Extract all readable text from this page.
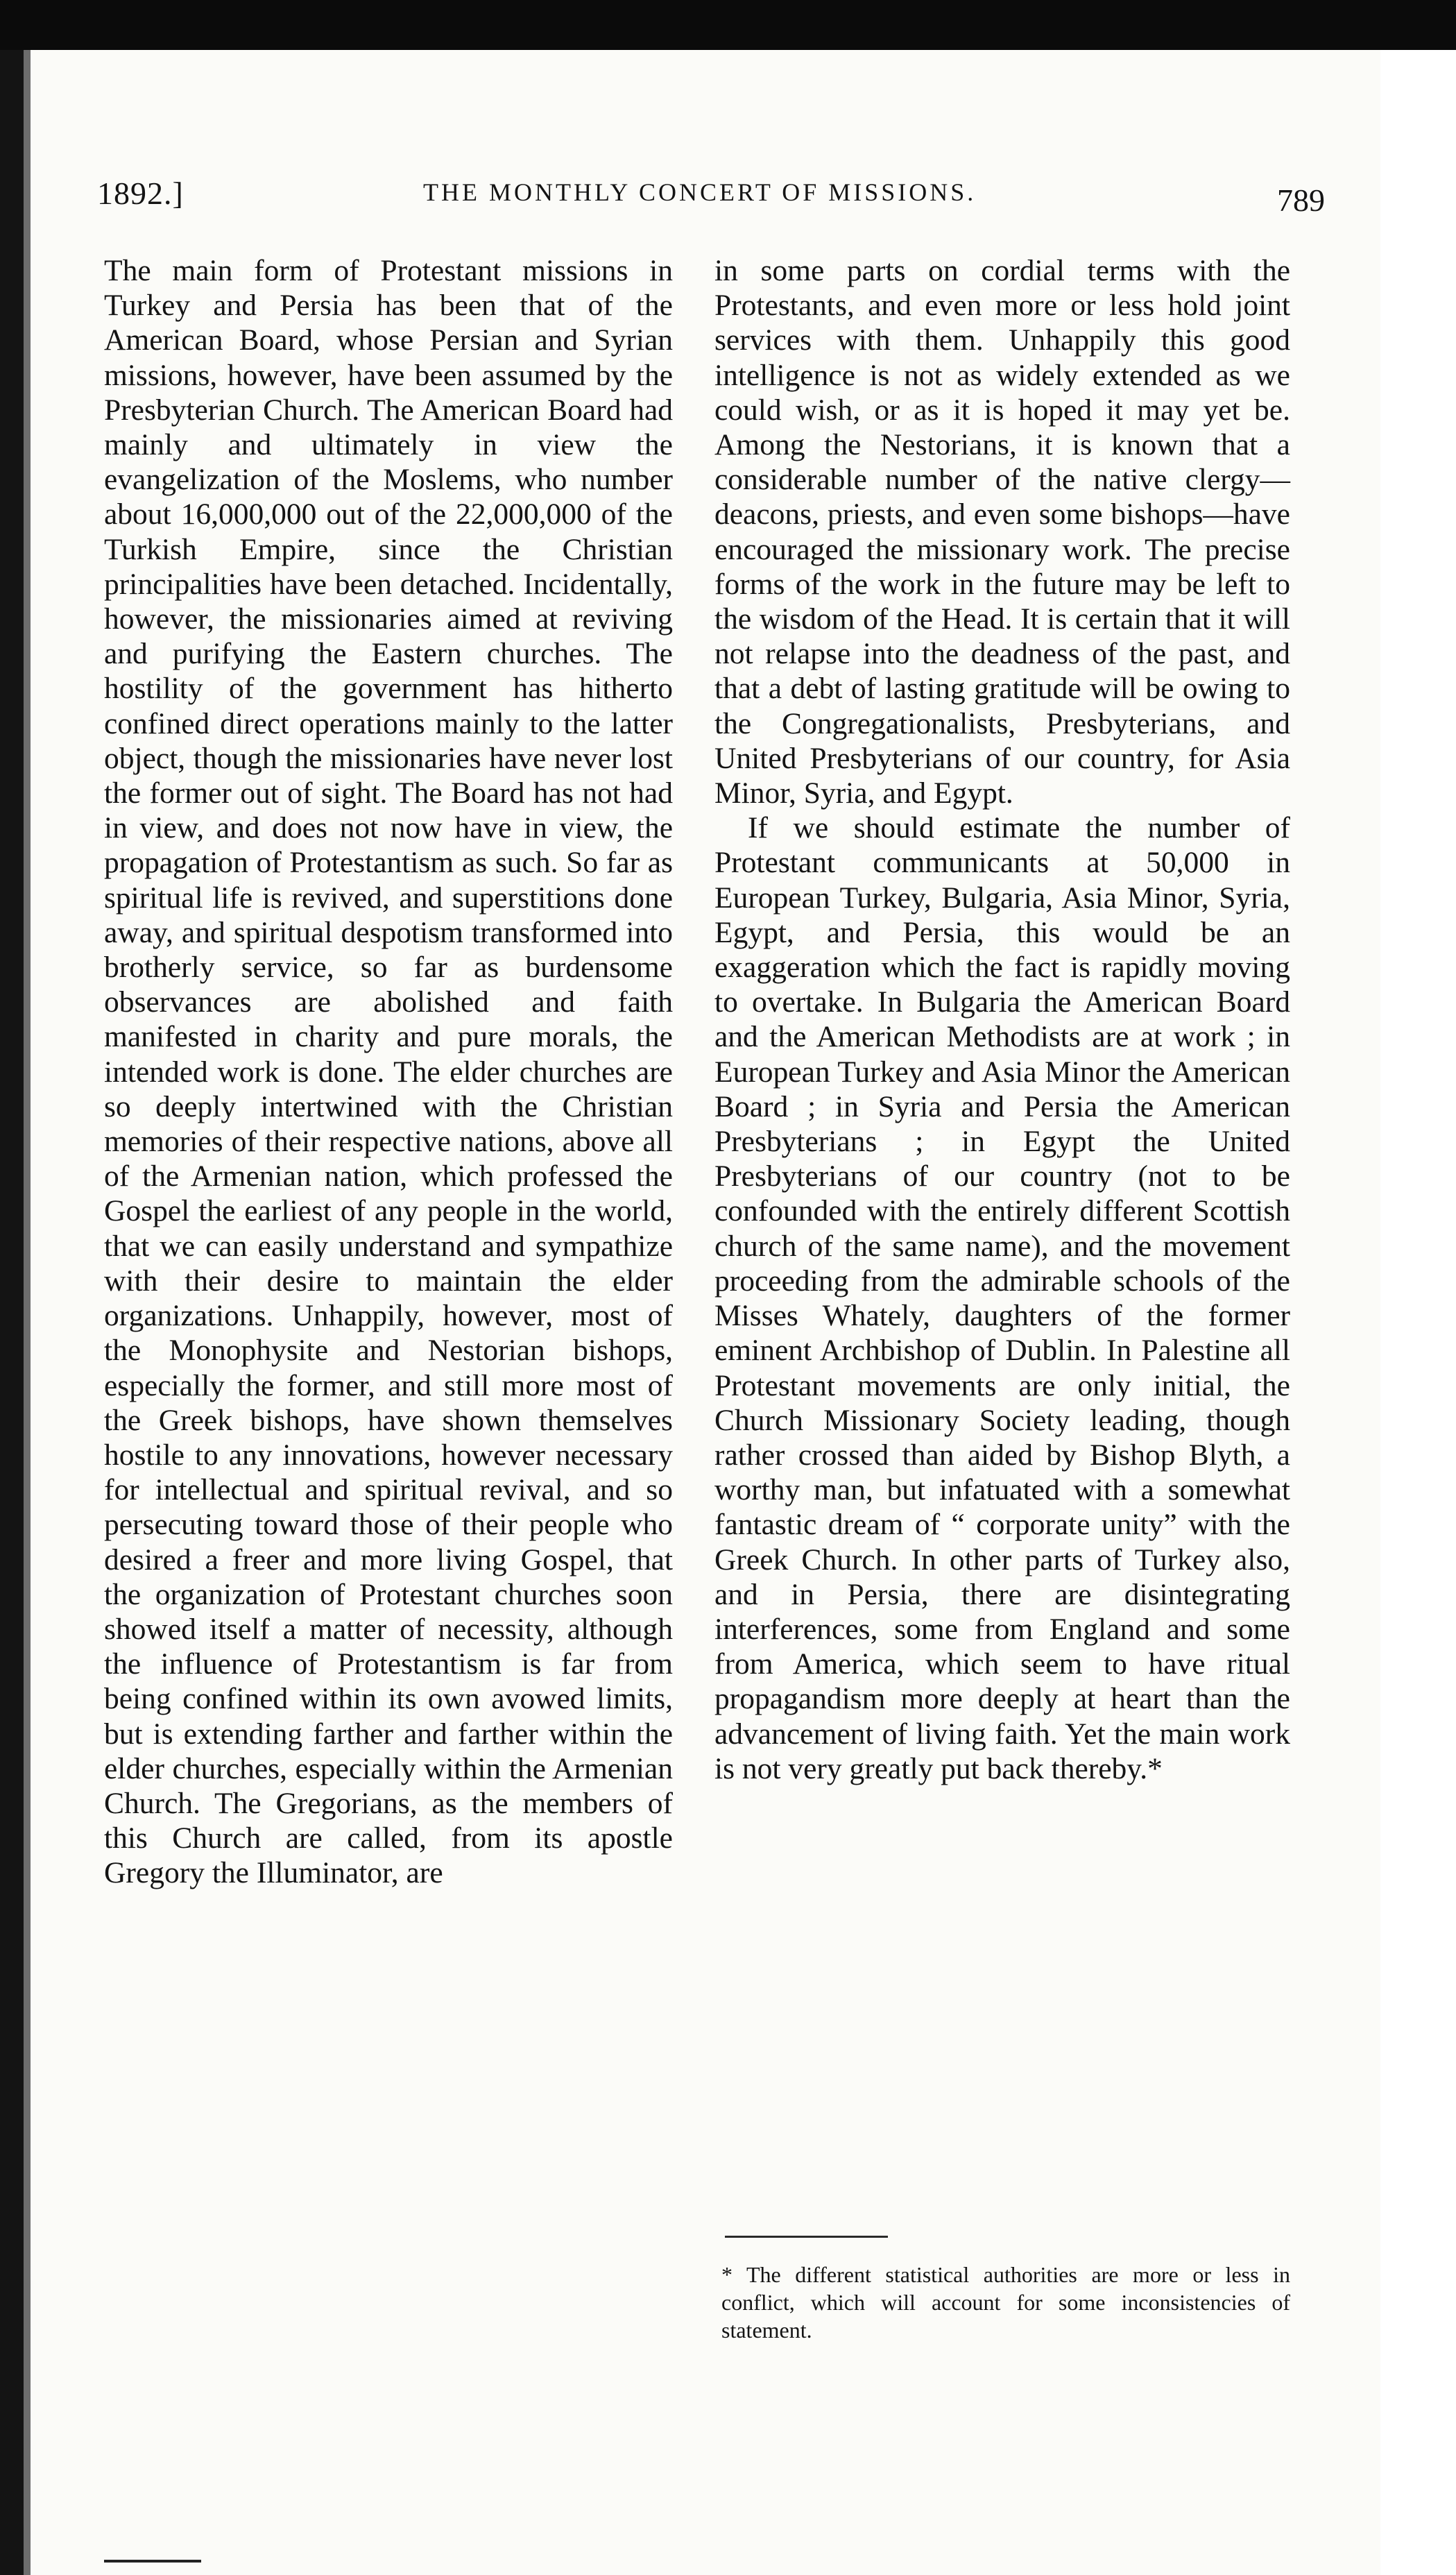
1892.]	THE MONTHLY CONCERT OF MISSIONS.	789

The main form of Protestant missions in Turkey and Persia has been that of the American Board, whose Persian and Syrian missions, however, have been assumed by the Presbyterian Church. The American Board had mainly and ultimately in view the evangelization of the Moslems, who number about 16,000,000 out of the 22,000,000 of the Turkish Empire, since the Christian principalities have been detached. Incidentally, however, the missionaries aimed at reviving and purifying the Eastern churches. The hostility of the government has hitherto confined direct operations mainly to the latter object, though the missionaries have never lost the former out of sight. The Board has not had in view, and does not now have in view, the propagation of Protestantism as such. So far as spiritual life is revived, and superstitions done away, and spiritual despotism transformed into brotherly service, so far as burdensome observances are abolished and faith manifested in charity and pure morals, the intended work is done. The elder churches are so deeply intertwined with the Christian memories of their respective nations, above all of the Armenian nation, which professed the Gospel the earliest of any people in the world, that we can easily understand and sympathize with their desire to maintain the elder organizations. Unhappily, however, most of the Monophysite and Nestorian bishops, especially the former, and still more most of the Greek bishops, have shown themselves hostile to any innovations, however necessary for intellectual and spiritual revival, and so persecuting toward those of their people who desired a freer and more living Gospel, that the organization of Protestant churches soon showed itself a matter of necessity, although the influence of Protestantism is far from being confined within its own avowed limits, but is extending farther and farther within the elder churches, especially within the Armenian Church. The Gregorians, as the members of this Church are called, from its apostle Gregory the Illuminator, are

in some parts on cordial terms with the Protestants, and even more or less hold joint services with them. Unhappily this good intelligence is not as widely extended as we could wish, or as it is hoped it may yet be. Among the Nestorians, it is known that a considerable number of the native clergy—deacons, priests, and even some bishops—have encouraged the missionary work. The precise forms of the work in the future may be left to the wisdom of the Head. It is certain that it will not relapse into the deadness of the past, and that a debt of lasting gratitude will be owing to the Congregationalists, Presbyterians, and United Presbyterians of our country, for Asia Minor, Syria, and Egypt.

If we should estimate the number of Protestant communicants at 50,000 in European Turkey, Bulgaria, Asia Minor, Syria, Egypt, and Persia, this would be an exaggeration which the fact is rapidly moving to overtake. In Bulgaria the American Board and the American Methodists are at work ; in European Turkey and Asia Minor the American Board ; in Syria and Persia the American Presbyterians ; in Egypt the United Presbyterians of our country (not to be confounded with the entirely different Scottish church of the same name), and the movement proceeding from the admirable schools of the Misses Whately, daughters of the former eminent Archbishop of Dublin. In Palestine all Protestant movements are only initial, the Church Missionary Society leading, though rather crossed than aided by Bishop Blyth, a worthy man, but infatuated with a somewhat fantastic dream of “ corporate unity” with the Greek Church. In other parts of Turkey also, and in Persia, there are disintegrating interferences, some from England and some from America, which seem to have ritual propagandism more deeply at heart than the advancement of living faith. Yet the main work is not very greatly put back thereby.*

* The different statistical authorities are more or less in conflict, which will account for some inconsistencies of statement.
